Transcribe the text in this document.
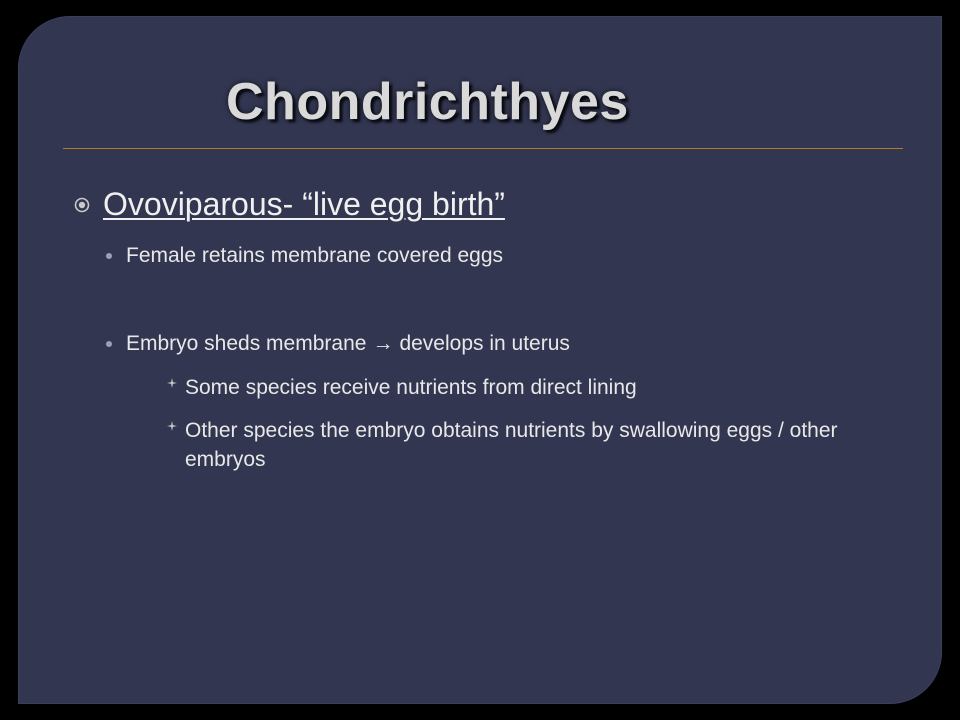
Chondrichthyes
Ovoviparous- “live egg birth”
Female retains membrane covered eggs
Embryo sheds membrane → develops in uterus
Some species receive nutrients from direct lining
Other species the embryo obtains nutrients by swallowing eggs / other embryos
